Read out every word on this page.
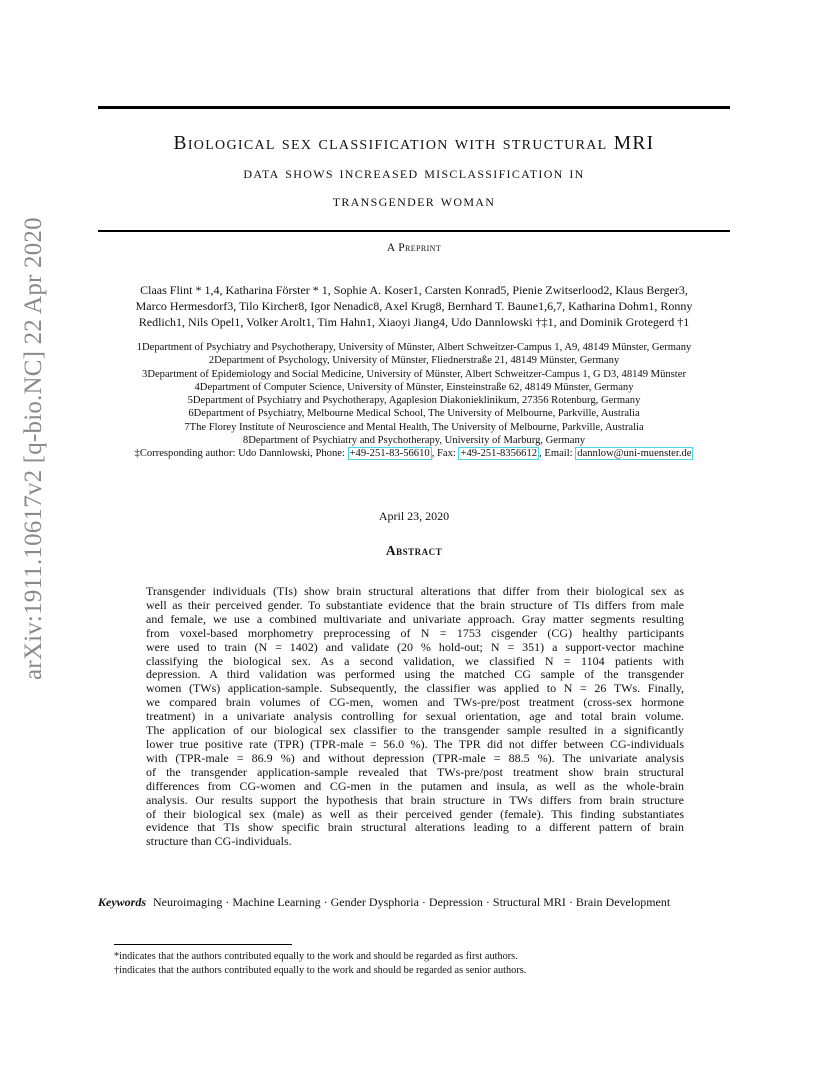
arXiv:1911.10617v2 [q-bio.NC] 22 Apr 2020
Biological sex classification with structural MRI
data shows increased misclassification in
transgender woman
A Preprint
Claas Flint * 1,4, Katharina Förster * 1, Sophie A. Koser1, Carsten Konrad5, Pienie Zwitserlood2, Klaus Berger3,
Marco Hermesdorf3, Tilo Kircher8, Igor Nenadic8, Axel Krug8, Bernhard T. Baune1,6,7, Katharina Dohm1, Ronny
Redlich1, Nils Opel1, Volker Arolt1, Tim Hahn1, Xiaoyi Jiang4, Udo Dannlowski †‡1, and Dominik Grotegerd †1
1Department of Psychiatry and Psychotherapy, University of Münster, Albert Schweitzer-Campus 1, A9, 48149 Münster, Germany
2Department of Psychology, University of Münster, Fliednerstraße 21, 48149 Münster, Germany
3Department of Epidemiology and Social Medicine, University of Münster, Albert Schweitzer-Campus 1, G D3, 48149 Münster
4Department of Computer Science, University of Münster, Einsteinstraße 62, 48149 Münster, Germany
5Department of Psychiatry and Psychotherapy, Agaplesion Diakonieklinikum, 27356 Rotenburg, Germany
6Department of Psychiatry, Melbourne Medical School, The University of Melbourne, Parkville, Australia
7The Florey Institute of Neuroscience and Mental Health, The University of Melbourne, Parkville, Australia
8Department of Psychiatry and Psychotherapy, University of Marburg, Germany
‡Corresponding author: Udo Dannlowski, Phone: +49-251-83-56610 , Fax: +49-251-8356612 , Email: dannlow@uni-muenster.de
April 23, 2020
Abstract
Transgender individuals (TIs) show brain structural alterations that differ from their biological sex as
well as their perceived gender. To substantiate evidence that the brain structure of TIs differs from male
and female, we use a combined multivariate and univariate approach. Gray matter segments resulting
from voxel-based morphometry preprocessing of N = 1753 cisgender (CG) healthy participants
were used to train (N = 1402) and validate (20 % hold-out; N = 351) a support-vector machine
classifying the biological sex. As a second validation, we classified N = 1104 patients with
depression. A third validation was performed using the matched CG sample of the transgender
women (TWs) application-sample. Subsequently, the classifier was applied to N = 26 TWs. Finally,
we compared brain volumes of CG-men, women and TWs-pre/post treatment (cross-sex hormone
treatment) in a univariate analysis controlling for sexual orientation, age and total brain volume.
The application of our biological sex classifier to the transgender sample resulted in a significantly
lower true positive rate (TPR) (TPR-male = 56.0 %). The TPR did not differ between CG-individuals
with (TPR-male = 86.9 %) and without depression (TPR-male = 88.5 %). The univariate analysis
of the transgender application-sample revealed that TWs-pre/post treatment show brain structural
differences from CG-women and CG-men in the putamen and insula, as well as the whole-brain
analysis. Our results support the hypothesis that brain structure in TWs differs from brain structure
of their biological sex (male) as well as their perceived gender (female). This finding substantiates
evidence that TIs show specific brain structural alterations leading to a different pattern of brain
structure than CG-individuals.
Keywords Neuroimaging · Machine Learning · Gender Dysphoria · Depression · Structural MRI · Brain Development
*indicates that the authors contributed equally to the work and should be regarded as first authors.
†indicates that the authors contributed equally to the work and should be regarded as senior authors.
